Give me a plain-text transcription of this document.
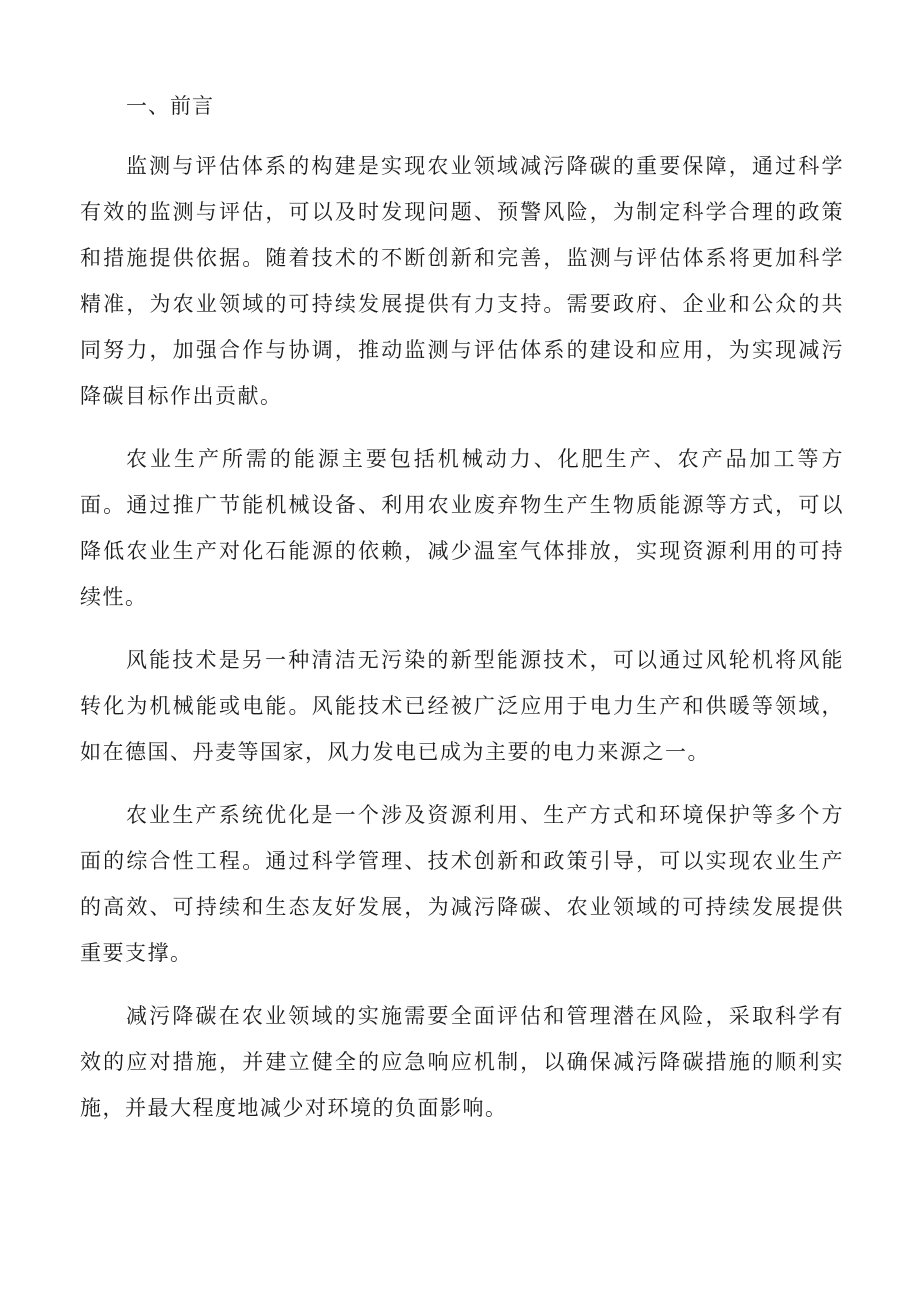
一、前言

监测与评估体系的构建是实现农业领域减污降碳的重要保障，通过科学有效的监测与评估，可以及时发现问题、预警风险，为制定科学合理的政策和措施提供依据。随着技术的不断创新和完善，监测与评估体系将更加科学精准，为农业领域的可持续发展提供有力支持。需要政府、企业和公众的共同努力，加强合作与协调，推动监测与评估体系的建设和应用，为实现减污降碳目标作出贡献。

农业生产所需的能源主要包括机械动力、化肥生产、农产品加工等方面。通过推广节能机械设备、利用农业废弃物生产生物质能源等方式，可以降低农业生产对化石能源的依赖，减少温室气体排放，实现资源利用的可持续性。

风能技术是另一种清洁无污染的新型能源技术，可以通过风轮机将风能转化为机械能或电能。风能技术已经被广泛应用于电力生产和供暖等领域，如在德国、丹麦等国家，风力发电已成为主要的电力来源之一。

农业生产系统优化是一个涉及资源利用、生产方式和环境保护等多个方面的综合性工程。通过科学管理、技术创新和政策引导，可以实现农业生产的高效、可持续和生态友好发展，为减污降碳、农业领域的可持续发展提供重要支撑。

减污降碳在农业领域的实施需要全面评估和管理潜在风险，采取科学有效的应对措施，并建立健全的应急响应机制，以确保减污降碳措施的顺利实施，并最大程度地减少对环境的负面影响。
